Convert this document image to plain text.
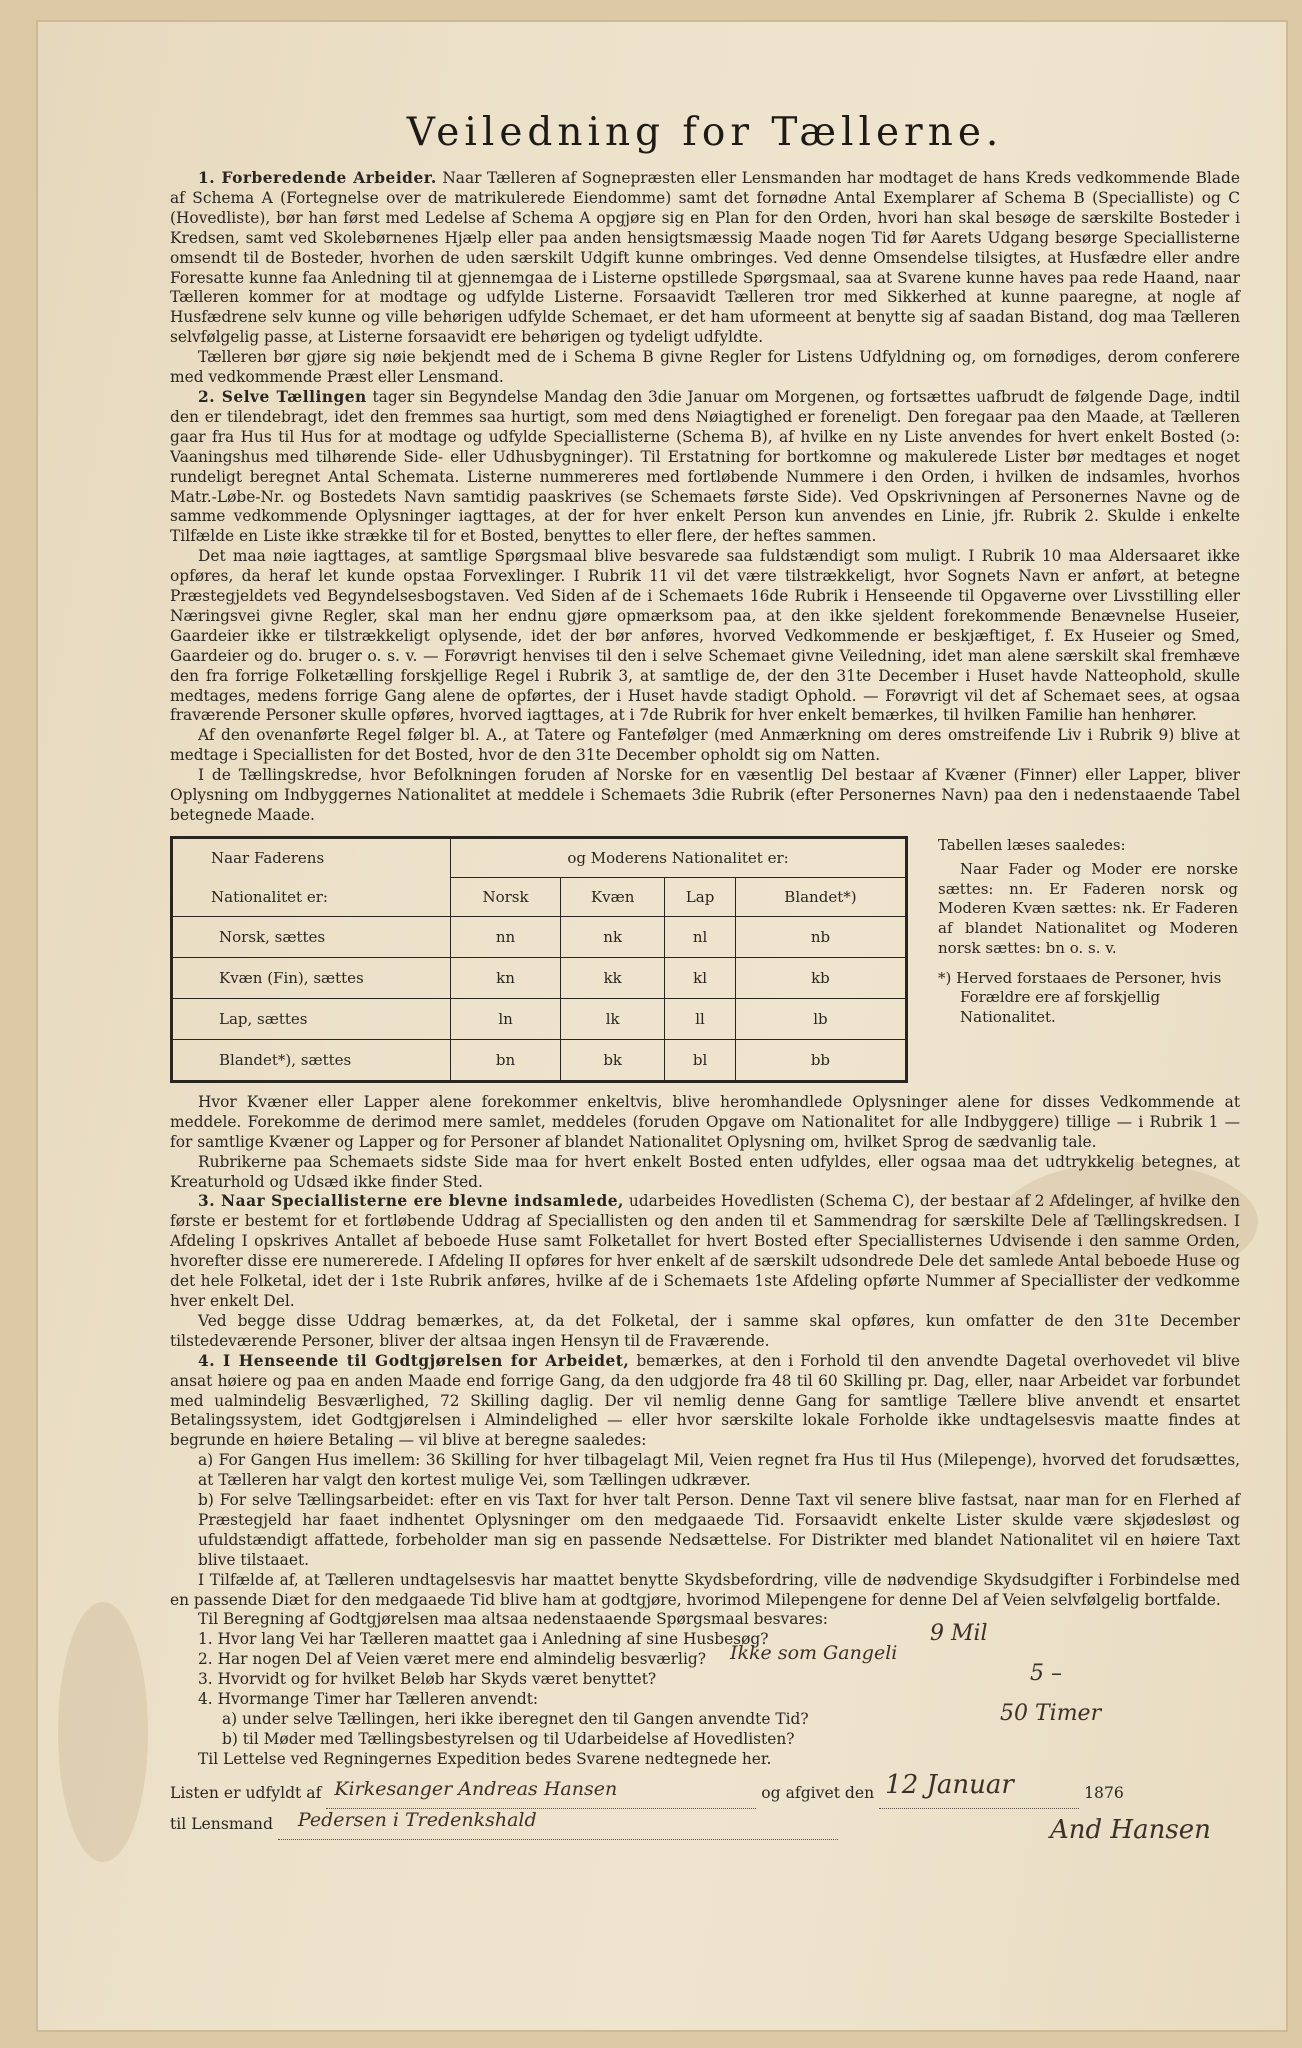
Veiledning for Tællerne.

1. Forberedende Arbeider. Naar Tælleren af Sognepræsten eller Lensmanden har modtaget de hans Kreds vedkommende Blade af Schema A (Fortegnelse over de matrikulerede Eiendomme) samt det fornødne Antal Exemplarer af Schema B (Specialliste) og C (Hovedliste), bør han først med Ledelse af Schema A opgjøre sig en Plan for den Orden, hvori han skal besøge de særskilte Bosteder i Kredsen, samt ved Skolebørnenes Hjælp eller paa anden hensigtsmæssig Maade nogen Tid før Aarets Udgang besørge Speciallisterne omsendt til de Bosteder, hvorhen de uden særskilt Udgift kunne ombringes. Ved denne Omsendelse tilsigtes, at Husfædre eller andre Foresatte kunne faa Anledning til at gjennemgaa de i Listerne opstillede Spørgsmaal, saa at Svarene kunne haves paa rede Haand, naar Tælleren kommer for at modtage og udfylde Listerne. Forsaavidt Tælleren tror med Sikkerhed at kunne paaregne, at nogle af Husfædrene selv kunne og ville behørigen udfylde Schemaet, er det ham uformeent at benytte sig af saadan Bistand, dog maa Tælleren selvfølgelig passe, at Listerne forsaavidt ere behørigen og tydeligt udfyldte.

Tælleren bør gjøre sig nøie bekjendt med de i Schema B givne Regler for Listens Udfyldning og, om fornødiges, derom conferere med vedkommende Præst eller Lensmand.

2. Selve Tællingen tager sin Begyndelse Mandag den 3die Januar om Morgenen, og fortsættes uafbrudt de følgende Dage, indtil den er tilendebragt, idet den fremmes saa hurtigt, som med dens Nøiagtighed er foreneligt. Den foregaar paa den Maade, at Tælleren gaar fra Hus til Hus for at modtage og udfylde Speciallisterne (Schema B), af hvilke en ny Liste anvendes for hvert enkelt Bosted (ɔ: Vaaningshus med tilhørende Side- eller Udhusbygninger). Til Erstatning for bortkomne og makulerede Lister bør medtages et noget rundeligt beregnet Antal Schemata. Listerne nummereres med fortløbende Nummere i den Orden, i hvilken de indsamles, hvorhos Matr.-Løbe-Nr. og Bostedets Navn samtidig paaskrives (se Schemaets første Side). Ved Opskrivningen af Personernes Navne og de samme vedkommende Oplysninger iagttages, at der for hver enkelt Person kun anvendes en Linie, jfr. Rubrik 2. Skulde i enkelte Tilfælde en Liste ikke strække til for et Bosted, benyttes to eller flere, der heftes sammen.

Det maa nøie iagttages, at samtlige Spørgsmaal blive besvarede saa fuldstændigt som muligt. I Rubrik 10 maa Aldersaaret ikke opføres, da heraf let kunde opstaa Forvexlinger. I Rubrik 11 vil det være tilstrækkeligt, hvor Sognets Navn er anført, at betegne Præstegjeldets ved Begyndelsesbogstaven. Ved Siden af de i Schemaets 16de Rubrik i Henseende til Opgaverne over Livsstilling eller Næringsvei givne Regler, skal man her endnu gjøre opmærksom paa, at den ikke sjeldent forekommende Benævnelse Huseier, Gaardeier ikke er tilstrækkeligt oplysende, idet der bør anføres, hvorved Vedkommende er beskjæftiget, f. Ex Huseier og Smed, Gaardeier og do. bruger o. s. v. — Forøvrigt henvises til den i selve Schemaet givne Veiledning, idet man alene særskilt skal fremhæve den fra forrige Folketælling forskjellige Regel i Rubrik 3, at samtlige de, der den 31te December i Huset havde Natteophold, skulle medtages, medens forrige Gang alene de opførtes, der i Huset havde stadigt Ophold. — Forøvrigt vil det af Schemaet sees, at ogsaa fraværende Personer skulle opføres, hvorved iagttages, at i 7de Rubrik for hver enkelt bemærkes, til hvilken Familie han henhører.

Af den ovenanførte Regel følger bl. A., at Tatere og Fantefølger (med Anmærkning om deres omstreifende Liv i Rubrik 9) blive at medtage i Speciallisten for det Bosted, hvor de den 31te December opholdt sig om Natten.

I de Tællingskredse, hvor Befolkningen foruden af Norske for en væsentlig Del bestaar af Kvæner (Finner) eller Lapper, bliver Oplysning om Indbyggernes Nationalitet at meddele i Schemaets 3die Rubrik (efter Personernes Navn) paa den i nedenstaaende Tabel betegnede Maade.

Naar Faderens	og Moderens Nationalitet er:			
Nationalitet er:	Norsk	Kvæn	Lap	Blandet*)
Norsk, sættes	nn	nk	nl	nb
Kvæn (Fin), sættes	kn	kk	kl	kb
Lap, sættes	ln	lk	ll	lb
Blandet*), sættes	bn	bk	bl	bb
Tabellen læses saaledes:
Naar Fader og Moder ere norske sættes: nn. Er Faderen norsk og Moderen Kvæn sættes: nk. Er Faderen af blandet Nationalitet og Moderen norsk sættes: bn o. s. v.
*) Herved forstaaes de Personer, hvis Forældre ere af forskjellig Nationalitet.

Hvor Kvæner eller Lapper alene forekommer enkeltvis, blive heromhandlede Oplysninger alene for disses Vedkommende at meddele. Forekomme de derimod mere samlet, meddeles (foruden Opgave om Nationalitet for alle Indbyggere) tillige — i Rubrik 1 — for samtlige Kvæner og Lapper og for Personer af blandet Nationalitet Oplysning om, hvilket Sprog de sædvanlig tale.

Rubrikerne paa Schemaets sidste Side maa for hvert enkelt Bosted enten udfyldes, eller ogsaa maa det udtrykkelig betegnes, at Kreaturhold og Udsæd ikke finder Sted.

3. Naar Speciallisterne ere blevne indsamlede, udarbeides Hovedlisten (Schema C), der bestaar af 2 Afdelinger, af hvilke den første er bestemt for et fortløbende Uddrag af Speciallisten og den anden til et Sammendrag for særskilte Dele af Tællingskredsen. I Afdeling I opskrives Antallet af beboede Huse samt Folketallet for hvert Bosted efter Speciallisternes Udvisende i den samme Orden, hvorefter disse ere numererede. I Afdeling II opføres for hver enkelt af de særskilt udsondrede Dele det samlede Antal beboede Huse og det hele Folketal, idet der i 1ste Rubrik anføres, hvilke af de i Schemaets 1ste Afdeling opførte Nummer af Speciallister der vedkomme hver enkelt Del.

Ved begge disse Uddrag bemærkes, at, da det Folketal, der i samme skal opføres, kun omfatter de den 31te December tilstedeværende Personer, bliver der altsaa ingen Hensyn til de Fraværende.

4. I Henseende til Godtgjørelsen for Arbeidet, bemærkes, at den i Forhold til den anvendte Dagetal overhovedet vil blive ansat høiere og paa en anden Maade end forrige Gang, da den udgjorde fra 48 til 60 Skilling pr. Dag, eller, naar Arbeidet var forbundet med ualmindelig Besværlighed, 72 Skilling daglig. Der vil nemlig denne Gang for samtlige Tællere blive anvendt et ensartet Betalingssystem, idet Godtgjørelsen i Almindelighed — eller hvor særskilte lokale Forholde ikke undtagelsesvis maatte findes at begrunde en høiere Betaling — vil blive at beregne saaledes:

a) For Gangen Hus imellem: 36 Skilling for hver tilbagelagt Mil, Veien regnet fra Hus til Hus (Milepenge), hvorved det forudsættes, at Tælleren har valgt den kortest mulige Vei, som Tællingen udkræver.

b) For selve Tællingsarbeidet: efter en vis Taxt for hver talt Person. Denne Taxt vil senere blive fastsat, naar man for en Flerhed af Præstegjeld har faaet indhentet Oplysninger om den medgaaede Tid. Forsaavidt enkelte Lister skulde være skjødesløst og ufuldstændigt affattede, forbeholder man sig en passende Nedsættelse. For Distrikter med blandet Nationalitet vil en høiere Taxt blive tilstaaet.

I Tilfælde af, at Tælleren undtagelsesvis har maattet benytte Skydsbefordring, ville de nødvendige Skydsudgifter i Forbindelse med en passende Diæt for den medgaaede Tid blive ham at godtgjøre, hvorimod Milepengene for denne Del af Veien selvfølgelig bortfalde.

Til Beregning af Godtgjørelsen maa altsaa nedenstaaende Spørgsmaal besvares:

1. Hvor lang Vei har Tælleren maattet gaa i Anledning af sine Husbesøg?	9 Mil
2. Har nogen Del af Veien været mere end almindelig besværlig? Ikke som Gangeli
3. Hvorvidt og for hvilket Beløb har Skyds været benyttet?	5 –
4. Hvormange Timer har Tælleren anvendt:
a) under selve Tællingen, heri ikke iberegnet den til Gangen anvendte Tid?	50 Timer
b) til Møder med Tællingsbestyrelsen og til Udarbeidelse af Hovedlisten?

Til Lettelse ved Regningernes Expedition bedes Svarene nedtegnede her.

Listen er udfyldt af Kirkesanger Andreas Hansen	og afgivet den 12 Januar	1876
til Lensmand Pedersen i Tredenkshald
	And Hansen
